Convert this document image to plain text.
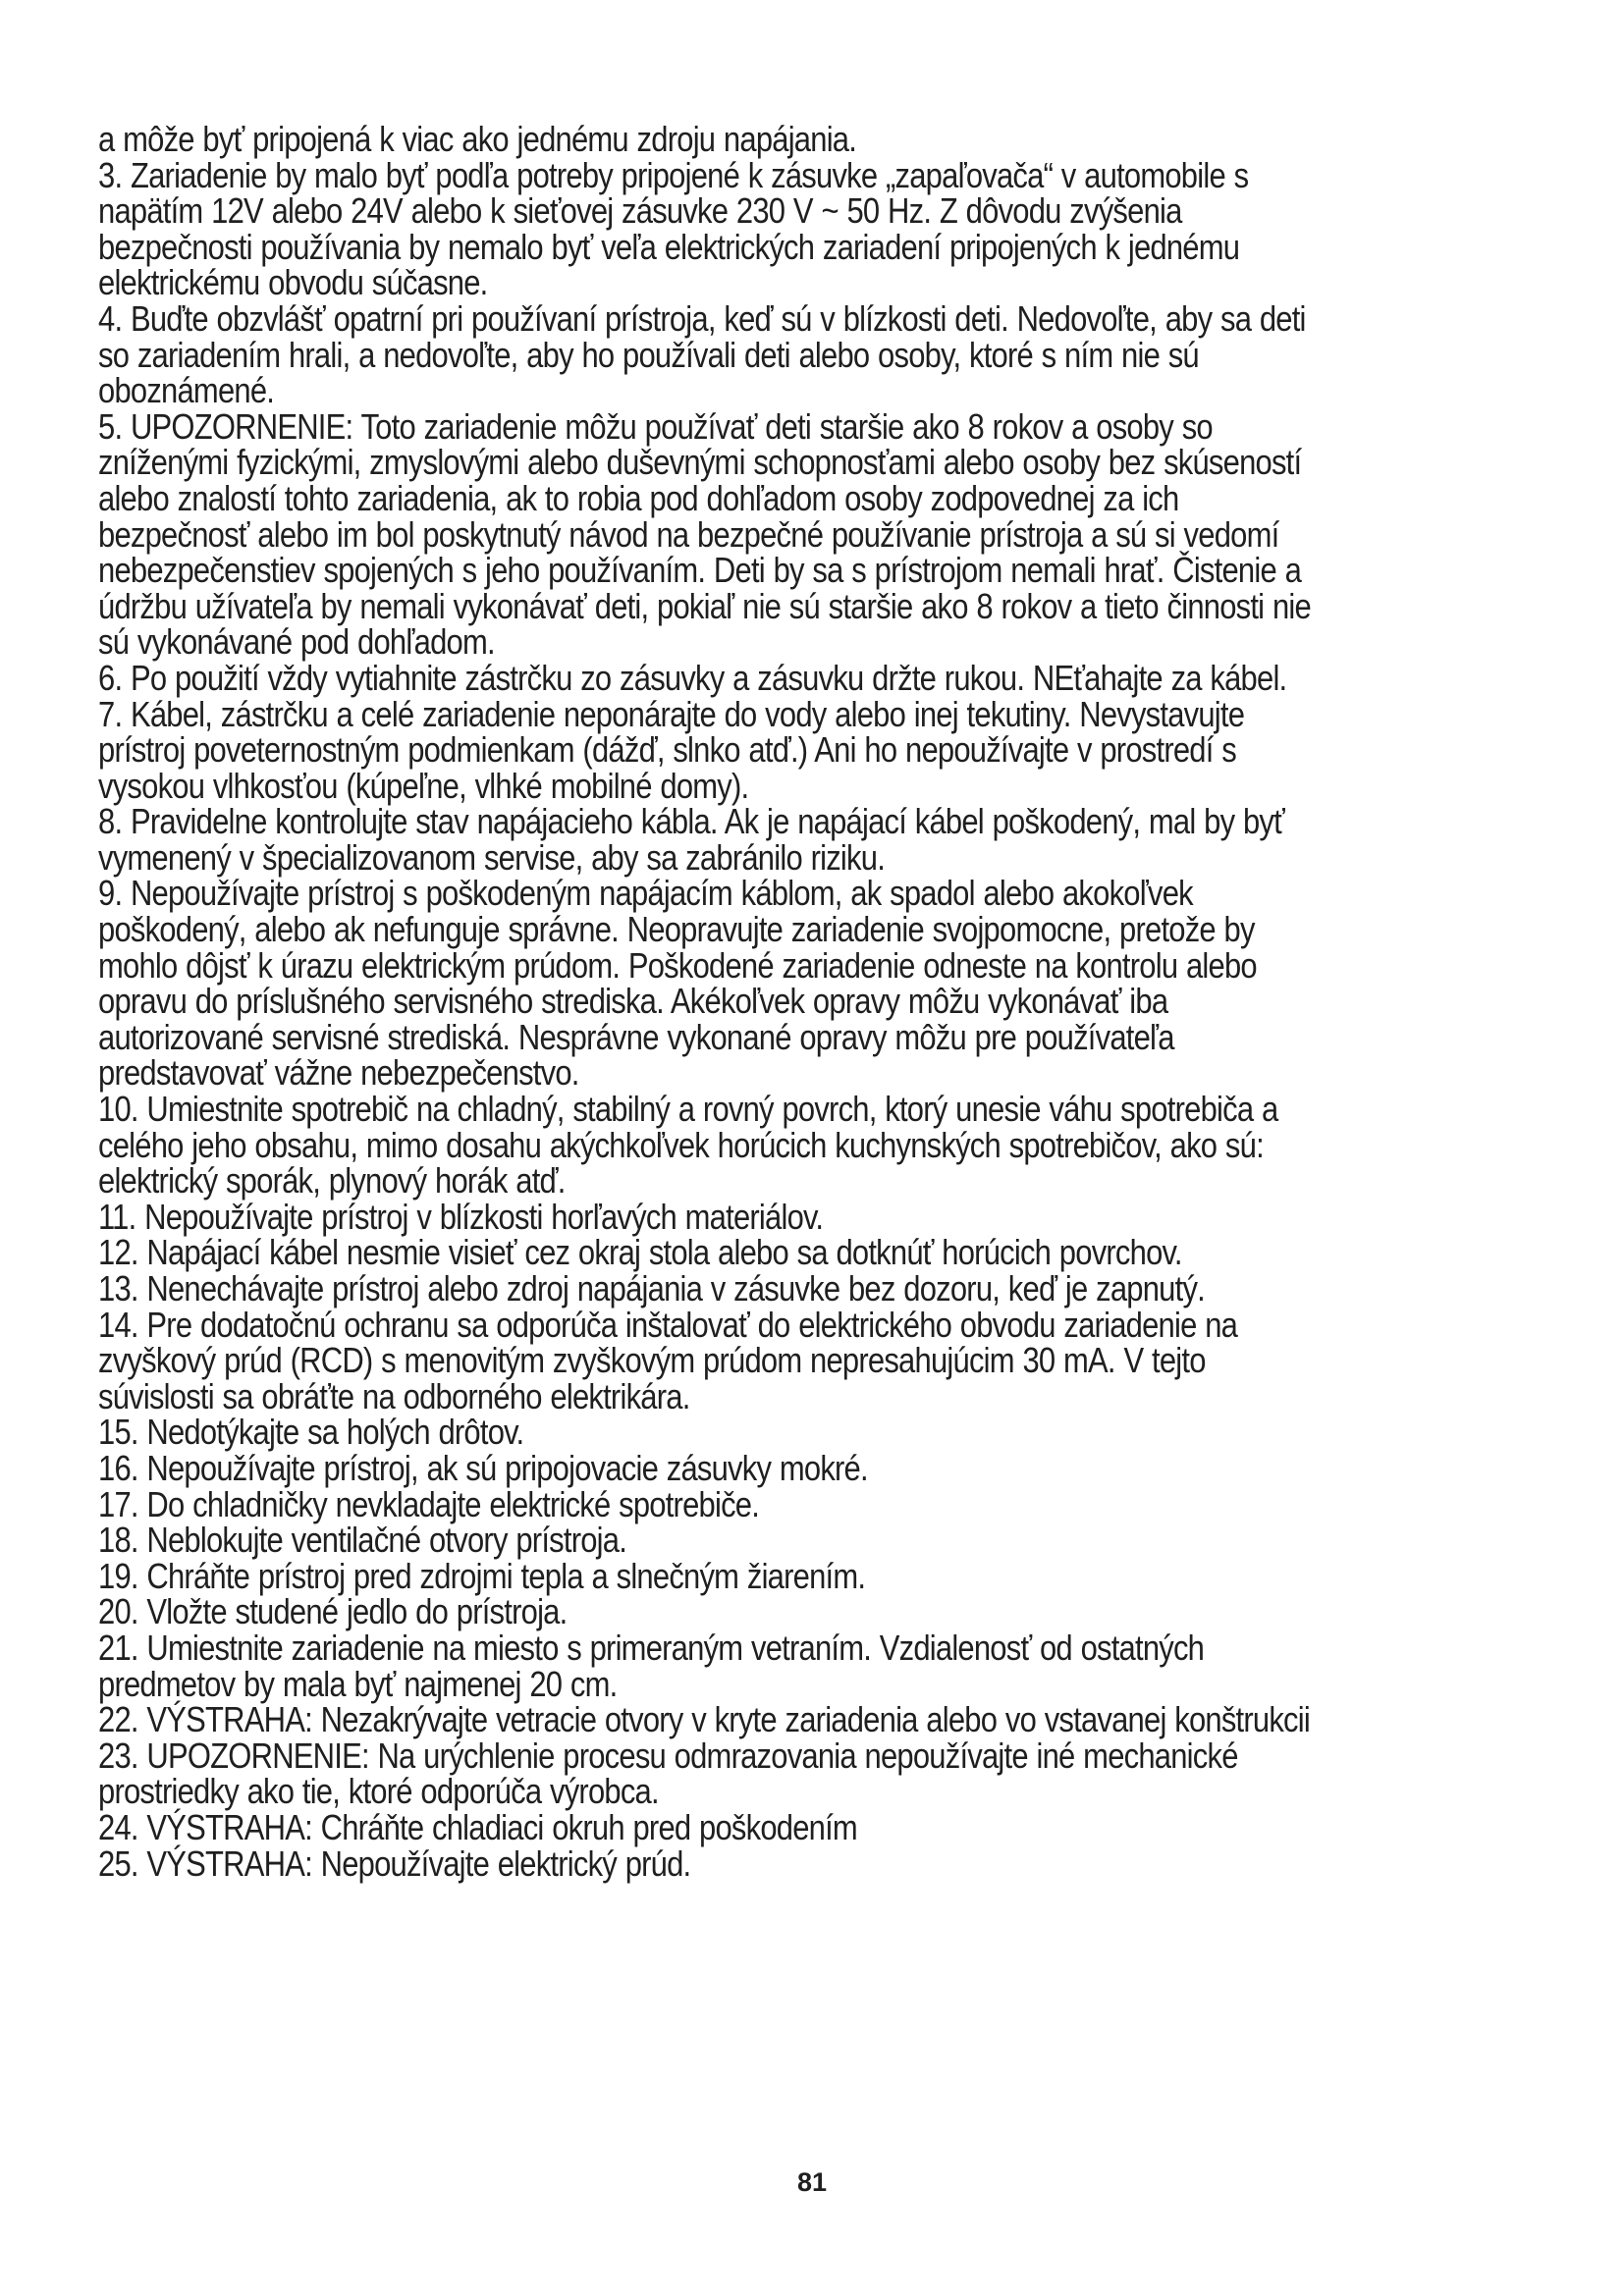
a môže byť pripojená k viac ako jednému zdroju napájania.

3. Zariadenie by malo byť podľa potreby pripojené k zásuvke „zapaľovača“ v automobile s napätím 12V alebo 24V alebo k sieťovej zásuvke 230 V ~ 50 Hz. Z dôvodu zvýšenia bezpečnosti používania by nemalo byť veľa elektrických zariadení pripojených k jednému elektrickému obvodu súčasne.

4. Buďte obzvlášť opatrní pri používaní prístroja, keď sú v blízkosti deti. Nedovoľte, aby sa deti so zariadením hrali, a nedovoľte, aby ho používali deti alebo osoby, ktoré s ním nie sú oboznámené.

5. UPOZORNENIE: Toto zariadenie môžu používať deti staršie ako 8 rokov a osoby so zníženými fyzickými, zmyslovými alebo duševnými schopnosťami alebo osoby bez skúseností alebo znalostí tohto zariadenia, ak to robia pod dohľadom osoby zodpovednej za ich bezpečnosť alebo im bol poskytnutý návod na bezpečné používanie prístroja a sú si vedomí nebezpečenstiev spojených s jeho používaním. Deti by sa s prístrojom nemali hrať. Čistenie a údržbu užívateľa by nemali vykonávať deti, pokiaľ nie sú staršie ako 8 rokov a tieto činnosti nie sú vykonávané pod dohľadom.

6. Po použití vždy vytiahnite zástrčku zo zásuvky a zásuvku držte rukou. NEťahajte za kábel.

7. Kábel, zástrčku a celé zariadenie neponárajte do vody alebo inej tekutiny. Nevystavujte prístroj poveternostným podmienkam (dážď, slnko atď.) Ani ho nepoužívajte v prostredí s vysokou vlhkosťou (kúpeľne, vlhké mobilné domy).

8. Pravidelne kontrolujte stav napájacieho kábla. Ak je napájací kábel poškodený, mal by byť vymenený v špecializovanom servise, aby sa zabránilo riziku.

9. Nepoužívajte prístroj s poškodeným napájacím káblom, ak spadol alebo akokoľvek poškodený, alebo ak nefunguje správne. Neopravujte zariadenie svojpomocne, pretože by mohlo dôjsť k úrazu elektrickým prúdom. Poškodené zariadenie odneste na kontrolu alebo opravu do príslušného servisného strediska. Akékoľvek opravy môžu vykonávať iba autorizované servisné strediská. Nesprávne vykonané opravy môžu pre používateľa predstavovať vážne nebezpečenstvo.

10. Umiestnite spotrebič na chladný, stabilný a rovný povrch, ktorý unesie váhu spotrebiča a celého jeho obsahu, mimo dosahu akýchkoľvek horúcich kuchynských spotrebičov, ako sú: elektrický sporák, plynový horák atď.

11. Nepoužívajte prístroj v blízkosti horľavých materiálov.

12. Napájací kábel nesmie visieť cez okraj stola alebo sa dotknúť horúcich povrchov.

13. Nenechávajte prístroj alebo zdroj napájania v zásuvke bez dozoru, keď je zapnutý.

14. Pre dodatočnú ochranu sa odporúča inštalovať do elektrického obvodu zariadenie na zvyškový prúd (RCD) s menovitým zvyškovým prúdom nepresahujúcim 30 mA. V tejto súvislosti sa obráťte na odborného elektrikára.

15. Nedotýkajte sa holých drôtov.

16. Nepoužívajte prístroj, ak sú pripojovacie zásuvky mokré.

17. Do chladničky nevkladajte elektrické spotrebiče.

18. Neblokujte ventilačné otvory prístroja.

19. Chráňte prístroj pred zdrojmi tepla a slnečným žiarením.

20. Vložte studené jedlo do prístroja.

21. Umiestnite zariadenie na miesto s primeraným vetraním. Vzdialenosť od ostatných predmetov by mala byť najmenej 20 cm.

22. VÝSTRAHA: Nezakrývajte vetracie otvory v kryte zariadenia alebo vo vstavanej konštrukcii

23. UPOZORNENIE: Na urýchlenie procesu odmrazovania nepoužívajte iné mechanické prostriedky ako tie, ktoré odporúča výrobca.

24. VÝSTRAHA: Chráňte chladiaci okruh pred poškodením

25. VÝSTRAHA: Nepoužívajte elektrický prúd.

81
